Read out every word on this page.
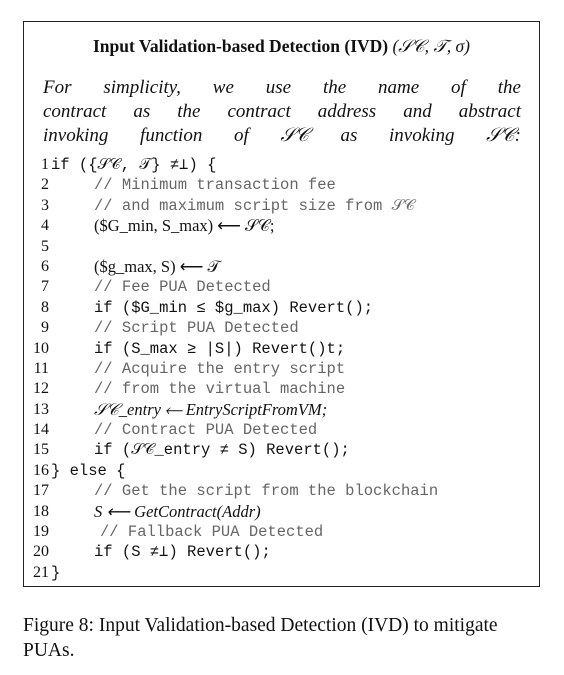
Input Validation-based Detection (IVD) (𝒮𝒞, 𝒯, σ)
For simplicity, we use the name of the
contract as the contract address and abstract
invoking function of 𝒮𝒞 as invoking 𝒮𝒞:
1 if ({𝒮𝒞, 𝒯} ≠⊥) {
2	// Minimum transaction fee
3	// and maximum script size from 𝒮𝒞
4	($G_min, S_max) ⟵ 𝒮𝒞;
5
6	($g_max, S) ⟵ 𝒯
7	// Fee PUA Detected
8	if ($G_min ≤ $g_max) Revert();
9	// Script PUA Detected
10	if (S_max ≥ |S|) Revert()t;
11	// Acquire the entry script
12	// from the virtual machine
13	𝒮𝒞_entry ⟵ EntryScriptFromVM;
14	// Contract PUA Detected
15	if (𝒮𝒞_entry ≠ S) Revert();
16 } else {
17	// Get the script from the blockchain
18	S ⟵ GetContract(Addr)
19	// Fallback PUA Detected
20	if (S ≠⊥) Revert();
21 }
Figure 8: Input Validation-based Detection (IVD) to mitigate PUAs.
